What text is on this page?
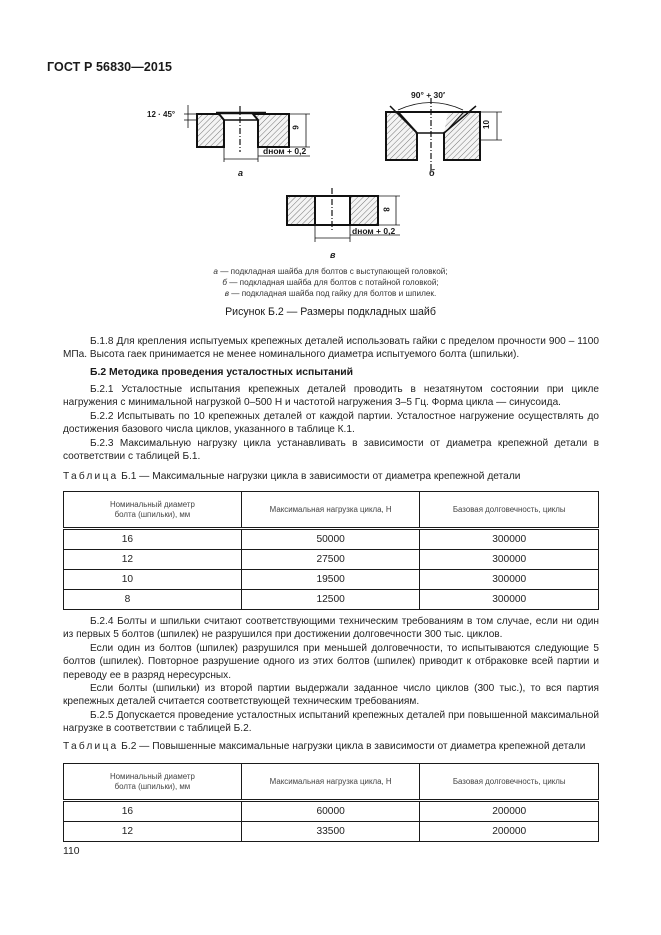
ГОСТ Р 56830—2015
12 · 45°
6
dном + 0,2
а
90° + 30′
10
б
8
dном + 0,2
в
а — подкладная шайба для болтов с выступающей головкой;
б — подкладная шайба для болтов с потайной головкой;
в — подкладная шайба под гайку для болтов и шпилек.
Рисунок Б.2 — Размеры подкладных шайб

Б.1.8 Для крепления испытуемых крепежных деталей использовать гайки с пределом прочности 900 – 1100 МПа. Высота гаек принимается не менее номинального диаметра испытуемого болта (шпильки).

Б.2 Методика проведения усталостных испытаний

Б.2.1 Усталостные испытания крепежных деталей проводить в незатянутом состоянии при цикле нагружения с минимальной нагрузкой 0–500 Н и частотой нагружения 3–5 Гц. Форма цикла — синусоида.

Б.2.2 Испытывать по 10 крепежных деталей от каждой партии. Усталостное нагружение осуществлять до достижения базового числа циклов, указанного в таблице К.1.

Б.2.3 Максимальную нагрузку цикла устанавливать в зависимости от диаметра крепежной детали в соответствии с таблицей Б.1.

Таблица Б.1 — Максимальные нагрузки цикла в зависимости от диаметра крепежной детали
Номинальный диаметр болта (шпильки), мм	Максимальная нагрузка цикла, Н	Базовая долговечность, циклы
16	50000	300000
12	27500	300000
10	19500	300000
8	12500	300000

Б.2.4 Болты и шпильки считают соответствующими техническим требованиям в том случае, если ни один из первых 5 болтов (шпилек) не разрушился при достижении долговечности 300 тыс. циклов.

Если один из болтов (шпилек) разрушился при меньшей долговечности, то испытываются следующие 5 болтов (шпилек). Повторное разрушение одного из этих болтов (шпилек) приводит к отбраковке всей партии и переводу ее в разряд нересурсных.

Если болты (шпильки) из второй партии выдержали заданное число циклов (300 тыс.), то вся партия крепежных деталей считается соответствующей техническим требованиям.

Б.2.5 Допускается проведение усталостных испытаний крепежных деталей при повышенной максимальной нагрузке в соответствии с таблицей Б.2.

Таблица Б.2 — Повышенные максимальные нагрузки цикла в зависимости от диаметра крепежной детали
Номинальный диаметр болта (шпильки), мм	Максимальная нагрузка цикла, Н	Базовая долговечность, циклы
16	60000	200000
12	33500	200000
110
